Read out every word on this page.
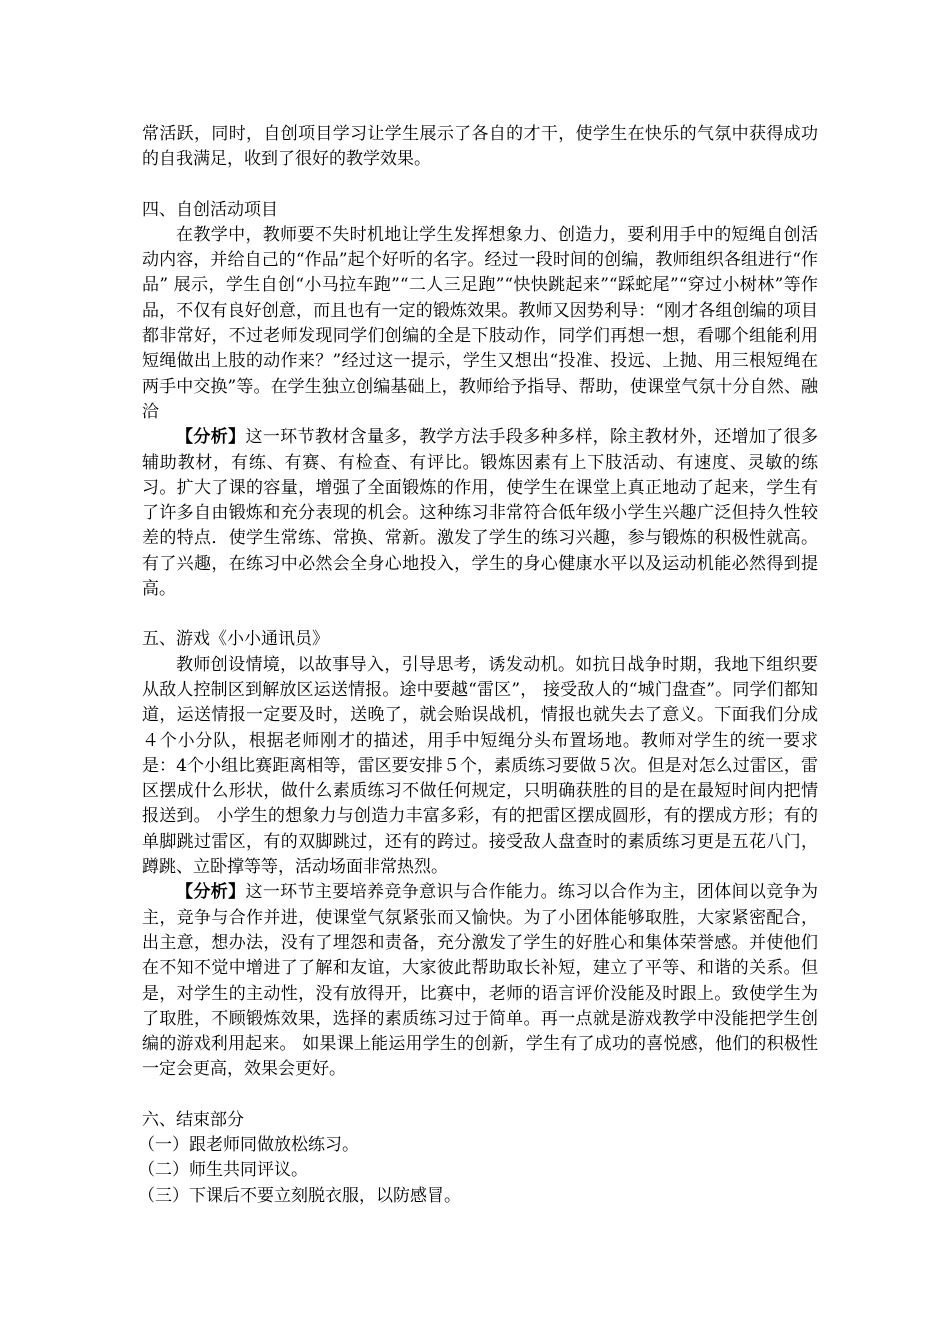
常活跃，同时，自创项目学习让学生展示了各自的才干，使学生在快乐的气氛中获得成功的自我满足，收到了很好的教学效果。

四、自创活动项目

在教学中，教师要不失时机地让学生发挥想象力、创造力，要利用手中的短绳自创活动内容，并给自己的“作品”起个好听的名字。经过一段时间的创编，教师组织各组进行“作品” 展示，学生自创“小马拉车跑”“二人三足跑”“快快跳起来”“踩蛇尾”“穿过小树林”等作品，不仅有良好创意，而且也有一定的锻炼效果。教师又因势利导：“刚才各组创编的项目都非常好，不过老师发现同学们创编的全是下肢动作，同学们再想一想，看哪个组能利用短绳做出上肢的动作来？”经过这一提示，学生又想出“投准、投远、上抛、用三根短绳在两手中交换”等。在学生独立创编基础上，教师给予指导、帮助，使课堂气氛十分自然、融洽

【分析】这一环节教材含量多，教学方法手段多种多样，除主教材外，还增加了很多辅助教材，有练、有赛、有检查、有评比。锻炼因素有上下肢活动、有速度、灵敏的练习。扩大了课的容量，增强了全面锻炼的作用，使学生在课堂上真正地动了起来，学生有了许多自由锻炼和充分表现的机会。这种练习非常符合低年级小学生兴趣广泛但持久性较差的特点．使学生常练、常换、常新。激发了学生的练习兴趣，参与锻炼的积极性就高。有了兴趣，在练习中必然会全身心地投入，学生的身心健康水平以及运动机能必然得到提高。

五、游戏《小小通讯员》

教师创设情境，以故事导入，引导思考，诱发动机。如抗日战争时期，我地下组织要从敌人控制区到解放区运送情报。途中要越“雷区”， 接受敌人的“城门盘查”。同学们都知道，运送情报一定要及时，送晚了，就会贻误战机，情报也就失去了意义。下面我们分成４个小分队，根据老师刚才的描述，用手中短绳分头布置场地。教师对学生的统一要求是：4个小组比赛距离相等，雷区要安排５个，素质练习要做５次。但是对怎么过雷区，雷区摆成什么形状，做什么素质练习不做任何规定，只明确获胜的目的是在最短时间内把情报送到。 小学生的想象力与创造力丰富多彩，有的把雷区摆成圆形，有的摆成方形；有的单脚跳过雷区，有的双脚跳过，还有的跨过。接受敌人盘查时的素质练习更是五花八门，蹲跳、立卧撑等等，活动场面非常热烈。

【分析】这一环节主要培养竞争意识与合作能力。练习以合作为主，团体间以竞争为主，竞争与合作并进，使课堂气氛紧张而又愉快。为了小团体能够取胜，大家紧密配合，出主意，想办法，没有了埋怨和责备，充分激发了学生的好胜心和集体荣誉感。并使他们在不知不觉中增进了了解和友谊，大家彼此帮助取长补短，建立了平等、和谐的关系。但是，对学生的主动性，没有放得开，比赛中，老师的语言评价没能及时跟上。致使学生为了取胜，不顾锻炼效果，选择的素质练习过于简单。再一点就是游戏教学中没能把学生创编的游戏利用起来。 如果课上能运用学生的创新，学生有了成功的喜悦感，他们的积极性一定会更高，效果会更好。

六、结束部分

（一）跟老师同做放松练习。

（二）师生共同评议。

（三）下课后不要立刻脱衣服，以防感冒。
